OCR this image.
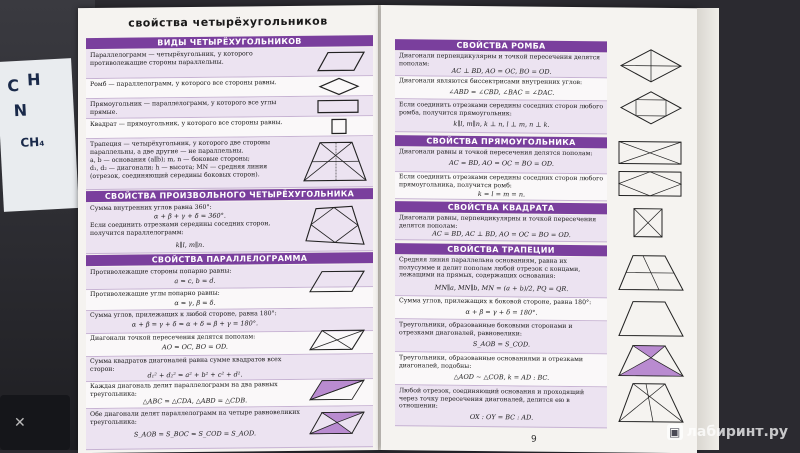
C H
N
CH₄
✕
свойства четырёхугольников
ВИДЫ ЧЕТЫРЁХУГОЛЬНИКОВ
Параллелограмм — четырёхугольник, у которого противолежащие стороны параллельны.
Ромб — параллелограмм, у которого все стороны равны.
Прямоугольник — параллелограмм, у которого все углы прямые.
Квадрат — прямоугольник, у которого все стороны равны.
Трапеция — четырёхугольник, у которого две стороны параллельны, а две другие — не параллельны.
a, b — основания (a∥b); m, n — боковые стороны;
d₁, d₂ — диагонали; h — высота; MN — средняя линия (отрезок, соединяющий середины боковых сторон).
СВОЙСТВА ПРОИЗВОЛЬНОГО ЧЕТЫРЁХУГОЛЬНИКА
Сумма внутренних углов равна 360°:
α + β + γ + δ = 360°.
Если соединить отрезками середины соседних сторон, получится параллелограмм:
k∥l, m∥n.
СВОЙСТВА ПАРАЛЛЕЛОГРАММА
Противолежащие стороны попарно равны:
a = c, b = d.
Противолежащие углы попарно равны:
α = γ, β = δ.
Сумма углов, прилежащих к любой стороне, равна 180°:
α + β = γ + δ = α + δ = β + γ = 180°.
Диагонали точкой пересечения делятся пополам:
AO = OC, BO = OD.
Сумма квадратов диагоналей равна сумме квадратов всех сторон:
d₁² + d₂² = a² + b² + c² + d².
Каждая диагональ делит параллелограмм на два равных треугольника:
△ABC = △CDA, △ABD = △CDB.
Обе диагонали делят параллелограмм на четыре равновеликих треугольника:
S_AOB = S_BOC = S_COD = S_AOD.
СВОЙСТВА РОМБА
Диагонали перпендикулярны и точкой пересечения делятся пополам:
AC ⊥ BD, AO = OC, BO = OD.
Диагонали являются биссектрисами внутренних углов:
∠ABD = ∠CBD, ∠BAC = ∠DAC.
Если соединить отрезками середины соседних сторон любого ромба, получится прямоугольник:
k∥l, m∥n, k ⊥ n, l ⊥ m, n ⊥ k.
СВОЙСТВА ПРЯМОУГОЛЬНИКА
Диагонали равны и точкой пересечения делятся пополам:
AC = BD, AO = OC = BO = OD.
Если соединить отрезками середины соседних сторон любого прямоугольника, получится ромб:
k = l = m = n.
СВОЙСТВА КВАДРАТА
Диагонали равны, перпендикулярны и точкой пересечения делятся пополам:
AC = BD, AC ⊥ BD, AO = OC = BO = OD.
СВОЙСТВА ТРАПЕЦИИ
Средняя линия параллельна основаниям, равна их полусумме и делит пополам любой отрезок с концами, лежащими на прямых, содержащих основания:
MN∥a, MN∥b, MN = (a + b)/2, PQ = QR.
Сумма углов, прилежащих к боковой стороне, равна 180°:
α + β = γ + δ = 180°.
Треугольники, образованные боковыми сторонами и отрезками диагоналей, равновелики:
S_AOB = S_COD.
Треугольники, образованные основаниями и отрезками диагоналей, подобны:
△AOD ∼ △COB, k = AD : BC.
Любой отрезок, соединяющий основания и проходящий через точку пересечения диагоналей, делится ею в отношении:
OX : OY = BC : AD.
9
▣ лабиринт.ру
